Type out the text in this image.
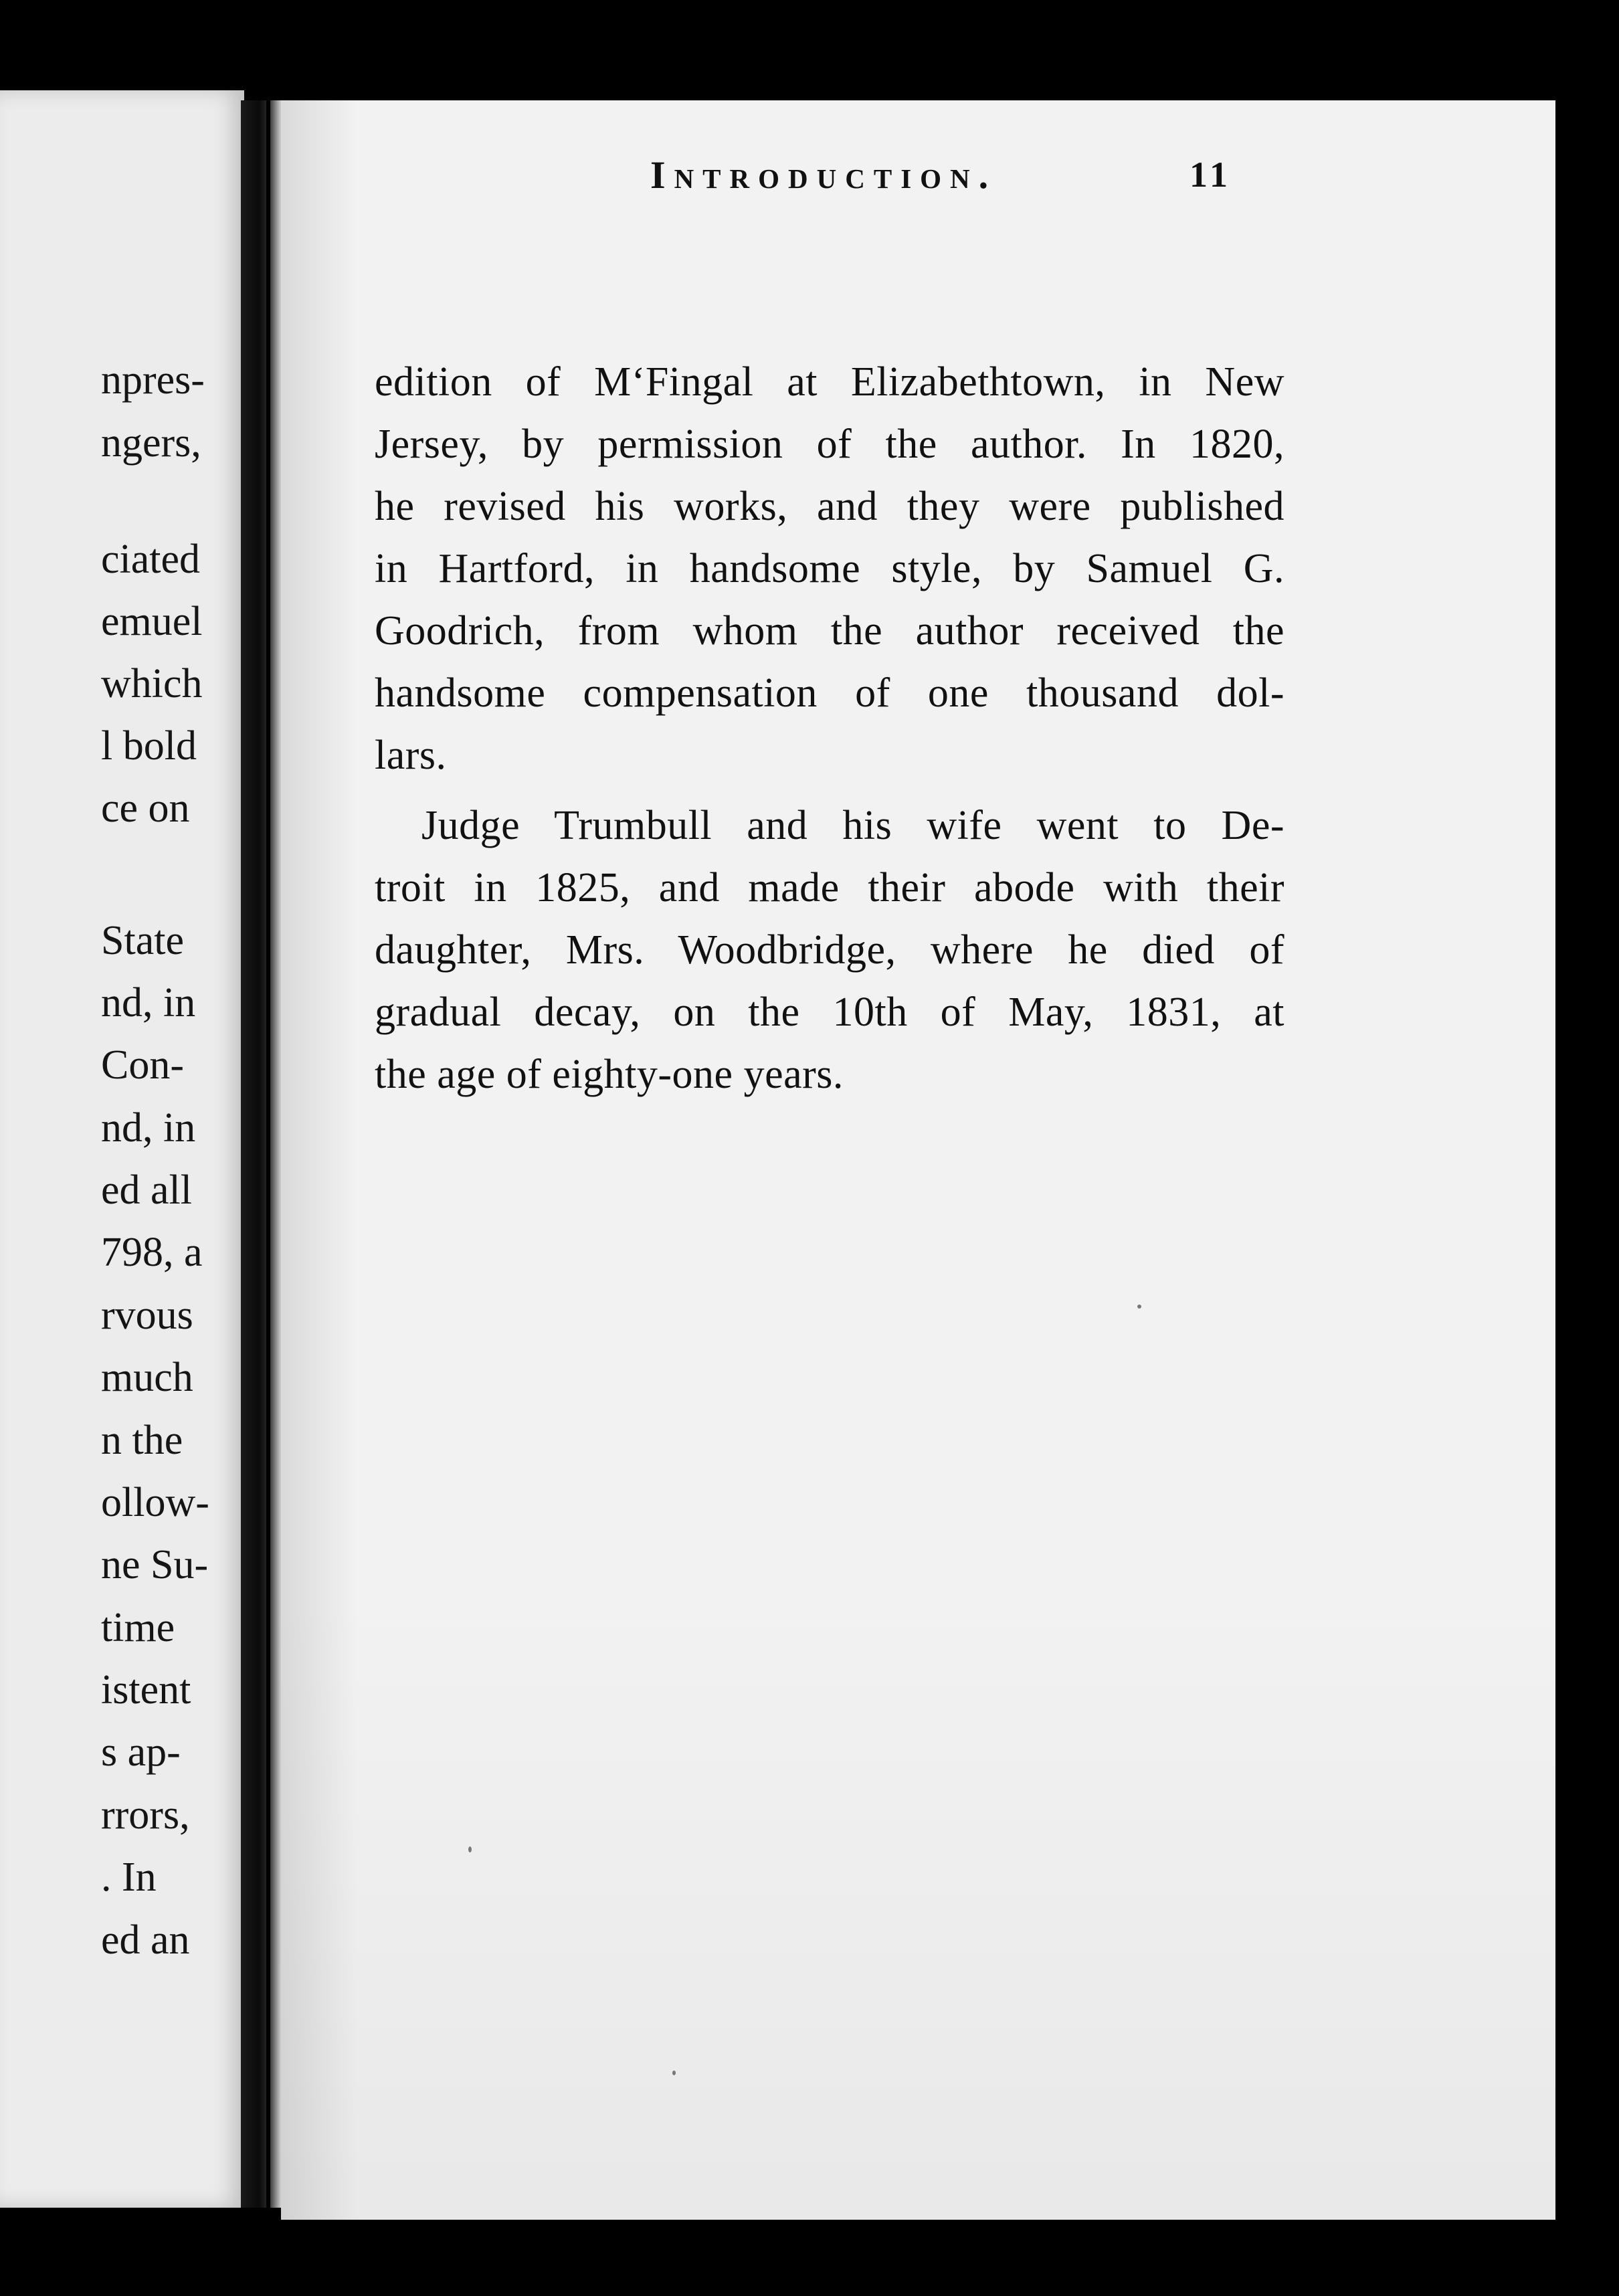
npres-
ngers,
ciated
emuel
which
l bold
ce on
State
nd, in
Con-
nd, in
ed all
798, a
rvous
much
n the
ollow-
ne Su-
time
istent
s ap-
rrors,
. In
ed an
Introduction.	11
edition of M‘Fingal at Elizabethtown, in New
Jersey, by permission of the author. In 1820,
he revised his works, and they were published
in Hartford, in handsome style, by Samuel G.
Goodrich, from whom the author received the
handsome compensation of one thousand dol-
lars.
Judge Trumbull and his wife went to De-
troit in 1825, and made their abode with their
daughter, Mrs. Woodbridge, where he died of
gradual decay, on the 10th of May, 1831, at
the age of eighty-one years.
